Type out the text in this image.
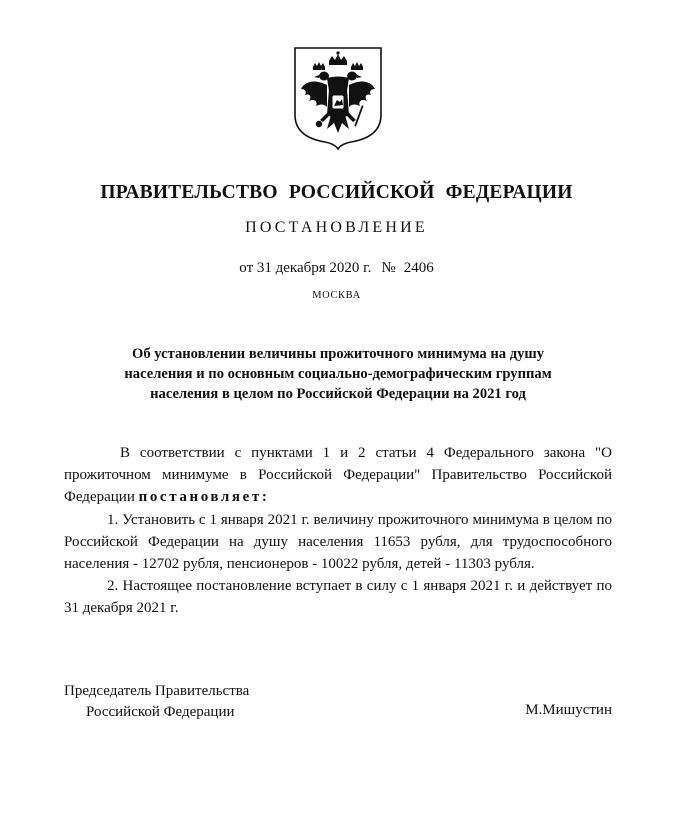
ПРАВИТЕЛЬСТВО РОССИЙСКОЙ ФЕДЕРАЦИИ
ПОСТАНОВЛЕНИЕ
от 31 декабря 2020 г. № 2406
МОСКВА
Об установлении величины прожиточного минимума на душу
населения и по основным социально-демографическим группам
населения в целом по Российской Федерации на 2021 год

В соответствии с пунктами 1 и 2 статьи 4 Федерального закона "О прожиточном минимуме в Российской Федерации" Правительство Российской Федерации постановляет:

1. Установить с 1 января 2021 г. величину прожиточного минимума в целом по Российской Федерации на душу населения 11653 рубля, для трудоспособного населения - 12702 рубля, пенсионеров - 10022 рубля, детей - 11303 рубля.

2. Настоящее постановление вступает в силу с 1 января 2021 г. и действует по 31 декабря 2021 г.

Председатель Правительства
Российской Федерации	М.Мишустин
